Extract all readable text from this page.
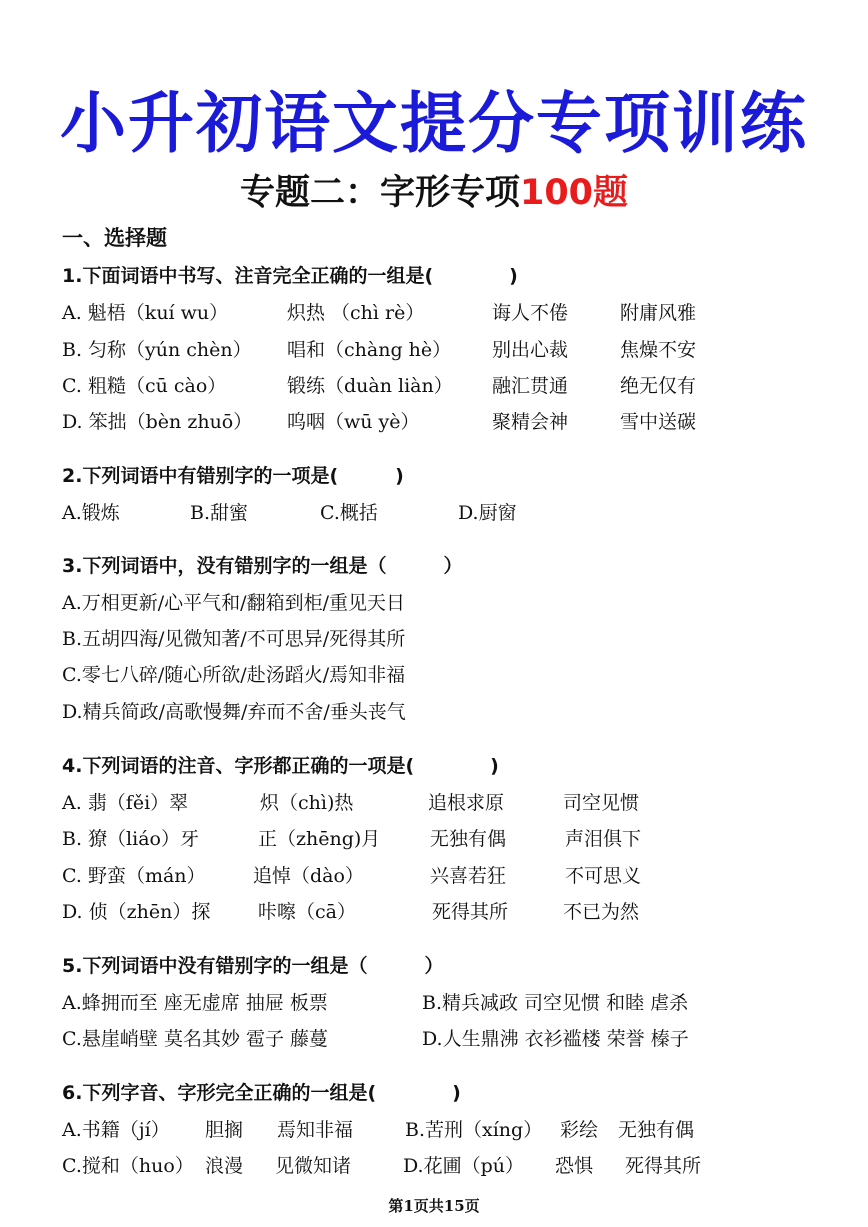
小升初语文提分专项训练
专题二：字形专项100题
一、选择题
1.下面词语中书写、注音完全正确的一组是(　　　　)
A. 魁梧（kuí wu）	炽热 （chì rè）	诲人不倦	附庸风雅
B. 匀称（yún chèn） 唱和（chàng hè） 别出心裁	焦燥不安
C. 粗糙（cū cào）	锻练（duàn liàn） 融汇贯通	绝无仅有
D. 笨拙（bèn zhuō） 呜咽（wū yè）	聚精会神	雪中送碳
2.下列词语中有错别字的一项是(　　　)
A.锻炼	B.甜蜜	C.概括	D.厨窗
3.下列词语中，没有错别字的一组是（　　　）
A.万相更新/心平气和/翻箱到柜/重见天日
B.五胡四海/见微知著/不可思异/死得其所
C.零七八碎/随心所欲/赴汤蹈火/焉知非福
D.精兵简政/高歌慢舞/弃而不舍/垂头丧气
4.下列词语的注音、字形都正确的一项是(　　　　)
A. 翡（fěi）翠	炽（chì)热	追根求原	司空见惯
B. 獠（liáo）牙	正（zhēng)月	无独有偶	声泪俱下
C. 野蛮（mán） 追悼（dào）	兴喜若狂	不可思义
D. 侦（zhēn）探	咔嚓（cā）	死得其所	不已为然
5.下列词语中没有错别字的一组是（　　　）
A.蜂拥而至 座无虚席 抽屉 板票	B.精兵减政 司空见惯 和睦 虐杀
C.悬崖峭壁 莫名其妙 雹子 藤蔓	D.人生鼎沸 衣衫褴楼 荣誉 榛子
6.下列字音、字形完全正确的一组是(　　　　)
A.书籍（jí） 胆搁 焉知非福	B.苦刑（xíng） 彩绘 无独有偶
C.搅和（huo） 浪漫 见微知诸	D.花圃（pú） 恐惧 死得其所
第1页共15页
